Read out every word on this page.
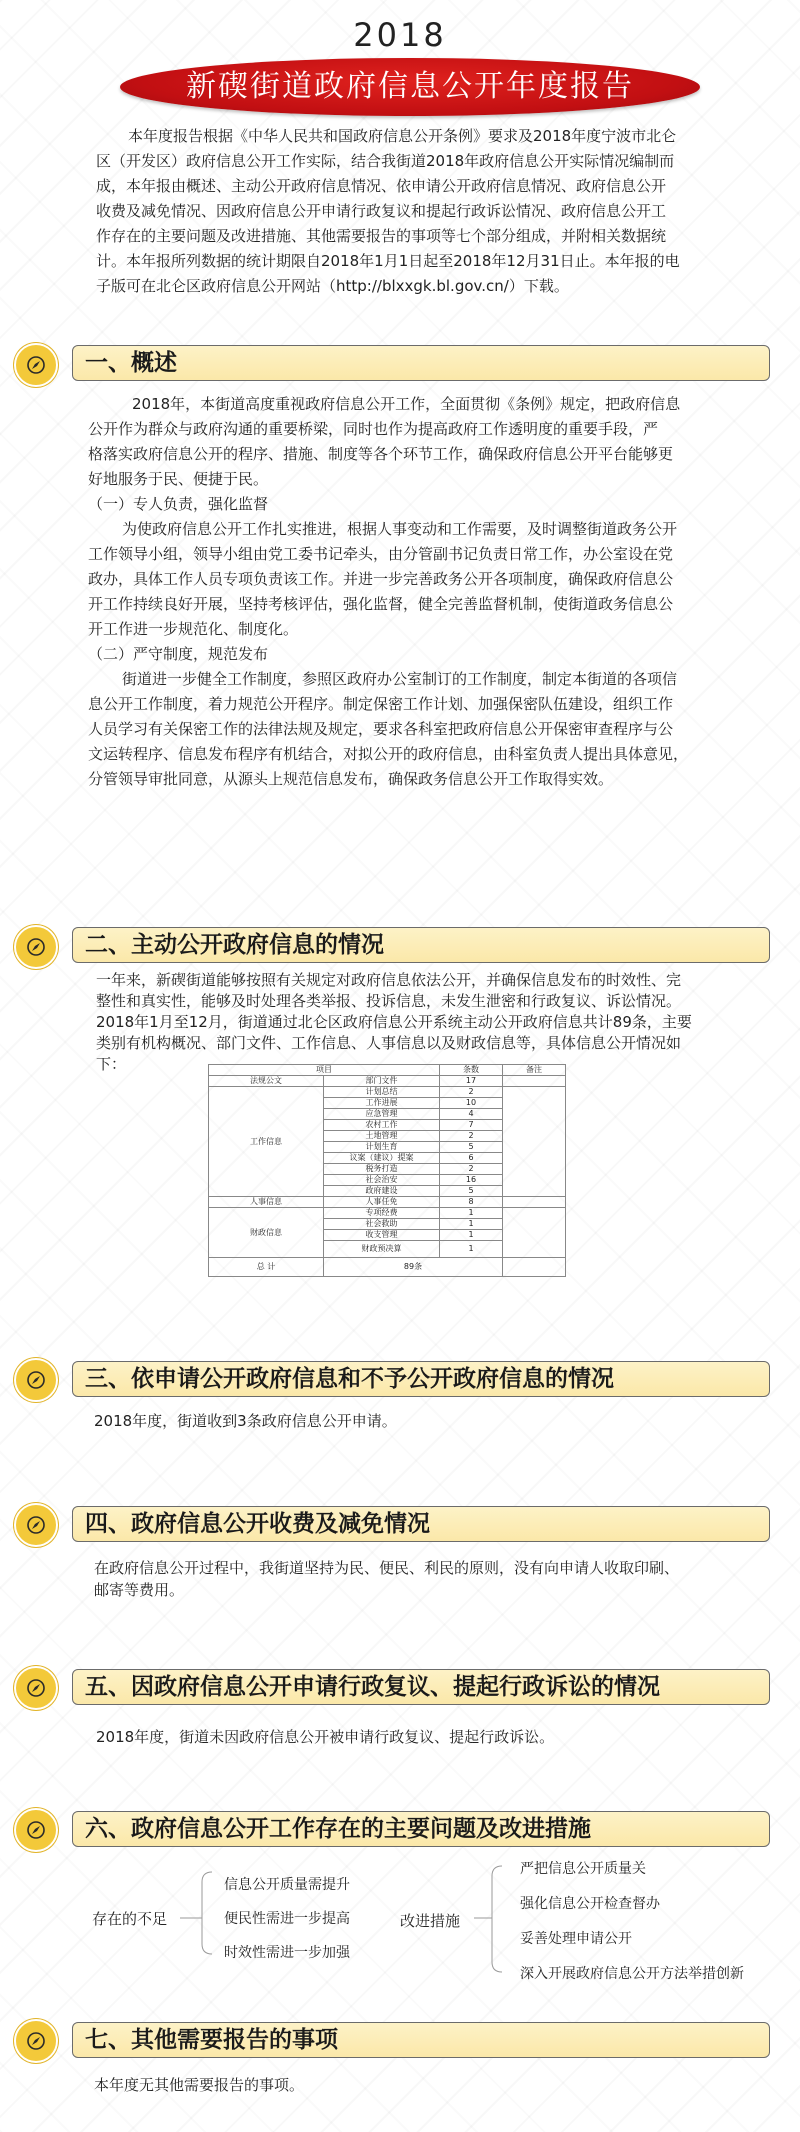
2018
新碶街道政府信息公开年度报告
本年度报告根据《中华人民共和国政府信息公开条例》要求及2018年度宁波市北仑
区（开发区）政府信息公开工作实际，结合我街道2018年政府信息公开实际情况编制而
成，本年报由概述、主动公开政府信息情况、依申请公开政府信息情况、政府信息公开
收费及减免情况、因政府信息公开申请行政复议和提起行政诉讼情况、政府信息公开工
作存在的主要问题及改进措施、其他需要报告的事项等七个部分组成，并附相关数据统
计。本年报所列数据的统计期限自2018年1月1日起至2018年12月31日止。本年报的电
子版可在北仑区政府信息公开网站（http://blxxgk.bl.gov.cn/）下载。
一、概述
2018年，本街道高度重视政府信息公开工作，全面贯彻《条例》规定，把政府信息
公开作为群众与政府沟通的重要桥梁，同时也作为提高政府工作透明度的重要手段，严
格落实政府信息公开的程序、措施、制度等各个环节工作，确保政府信息公开平台能够更
好地服务于民、便捷于民。
（一）专人负责，强化监督
为使政府信息公开工作扎实推进，根据人事变动和工作需要，及时调整街道政务公开
工作领导小组，领导小组由党工委书记牵头，由分管副书记负责日常工作，办公室设在党
政办，具体工作人员专项负责该工作。并进一步完善政务公开各项制度，确保政府信息公
开工作持续良好开展，坚持考核评估，强化监督，健全完善监督机制，使街道政务信息公
开工作进一步规范化、制度化。
（二）严守制度，规范发布
街道进一步健全工作制度，参照区政府办公室制订的工作制度，制定本街道的各项信
息公开工作制度，着力规范公开程序。制定保密工作计划、加强保密队伍建设，组织工作
人员学习有关保密工作的法律法规及规定，要求各科室把政府信息公开保密审查程序与公
文运转程序、信息发布程序有机结合，对拟公开的政府信息，由科室负责人提出具体意见，
分管领导审批同意，从源头上规范信息发布，确保政务信息公开工作取得实效。
二、主动公开政府信息的情况
一年来，新碶街道能够按照有关规定对政府信息依法公开，并确保信息发布的时效性、完
整性和真实性，能够及时处理各类举报、投诉信息，未发生泄密和行政复议、诉讼情况。
2018年1月至12月，街道通过北仑区政府信息公开系统主动公开政府信息共计89条，主要
类别有机构概况、部门文件、工作信息、人事信息以及财政信息等，具体信息公开情况如
下：	项目		条数	备注
法规公文	部门文件	17	
工作信息	计划总结	2	
	工作进展	10	
	应急管理	4	
	农村工作	7	
	土地管理	2	
	计划生育	5	
	议案（建议）提案	6	
	税务打造	2	
	社会治安	16	
	政府建设	5	
人事信息	人事任免	8	
财政信息	专项经费	1	
	社会救助	1	
	收支管理	1	
	财政预决算	1	
总 计	89条		
三、依申请公开政府信息和不予公开政府信息的情况
2018年度，街道收到3条政府信息公开申请。
四、政府信息公开收费及减免情况
在政府信息公开过程中，我街道坚持为民、便民、利民的原则，没有向申请人收取印刷、
邮寄等费用。
五、因政府信息公开申请行政复议、提起行政诉讼的情况
2018年度，街道未因政府信息公开被申请行政复议、提起行政诉讼。
六、政府信息公开工作存在的主要问题及改进措施
存在的不足
信息公开质量需提升
便民性需进一步提高
时效性需进一步加强
改进措施
严把信息公开质量关
强化信息公开检查督办
妥善处理申请公开
深入开展政府信息公开方法举措创新
七、其他需要报告的事项
本年度无其他需要报告的事项。
